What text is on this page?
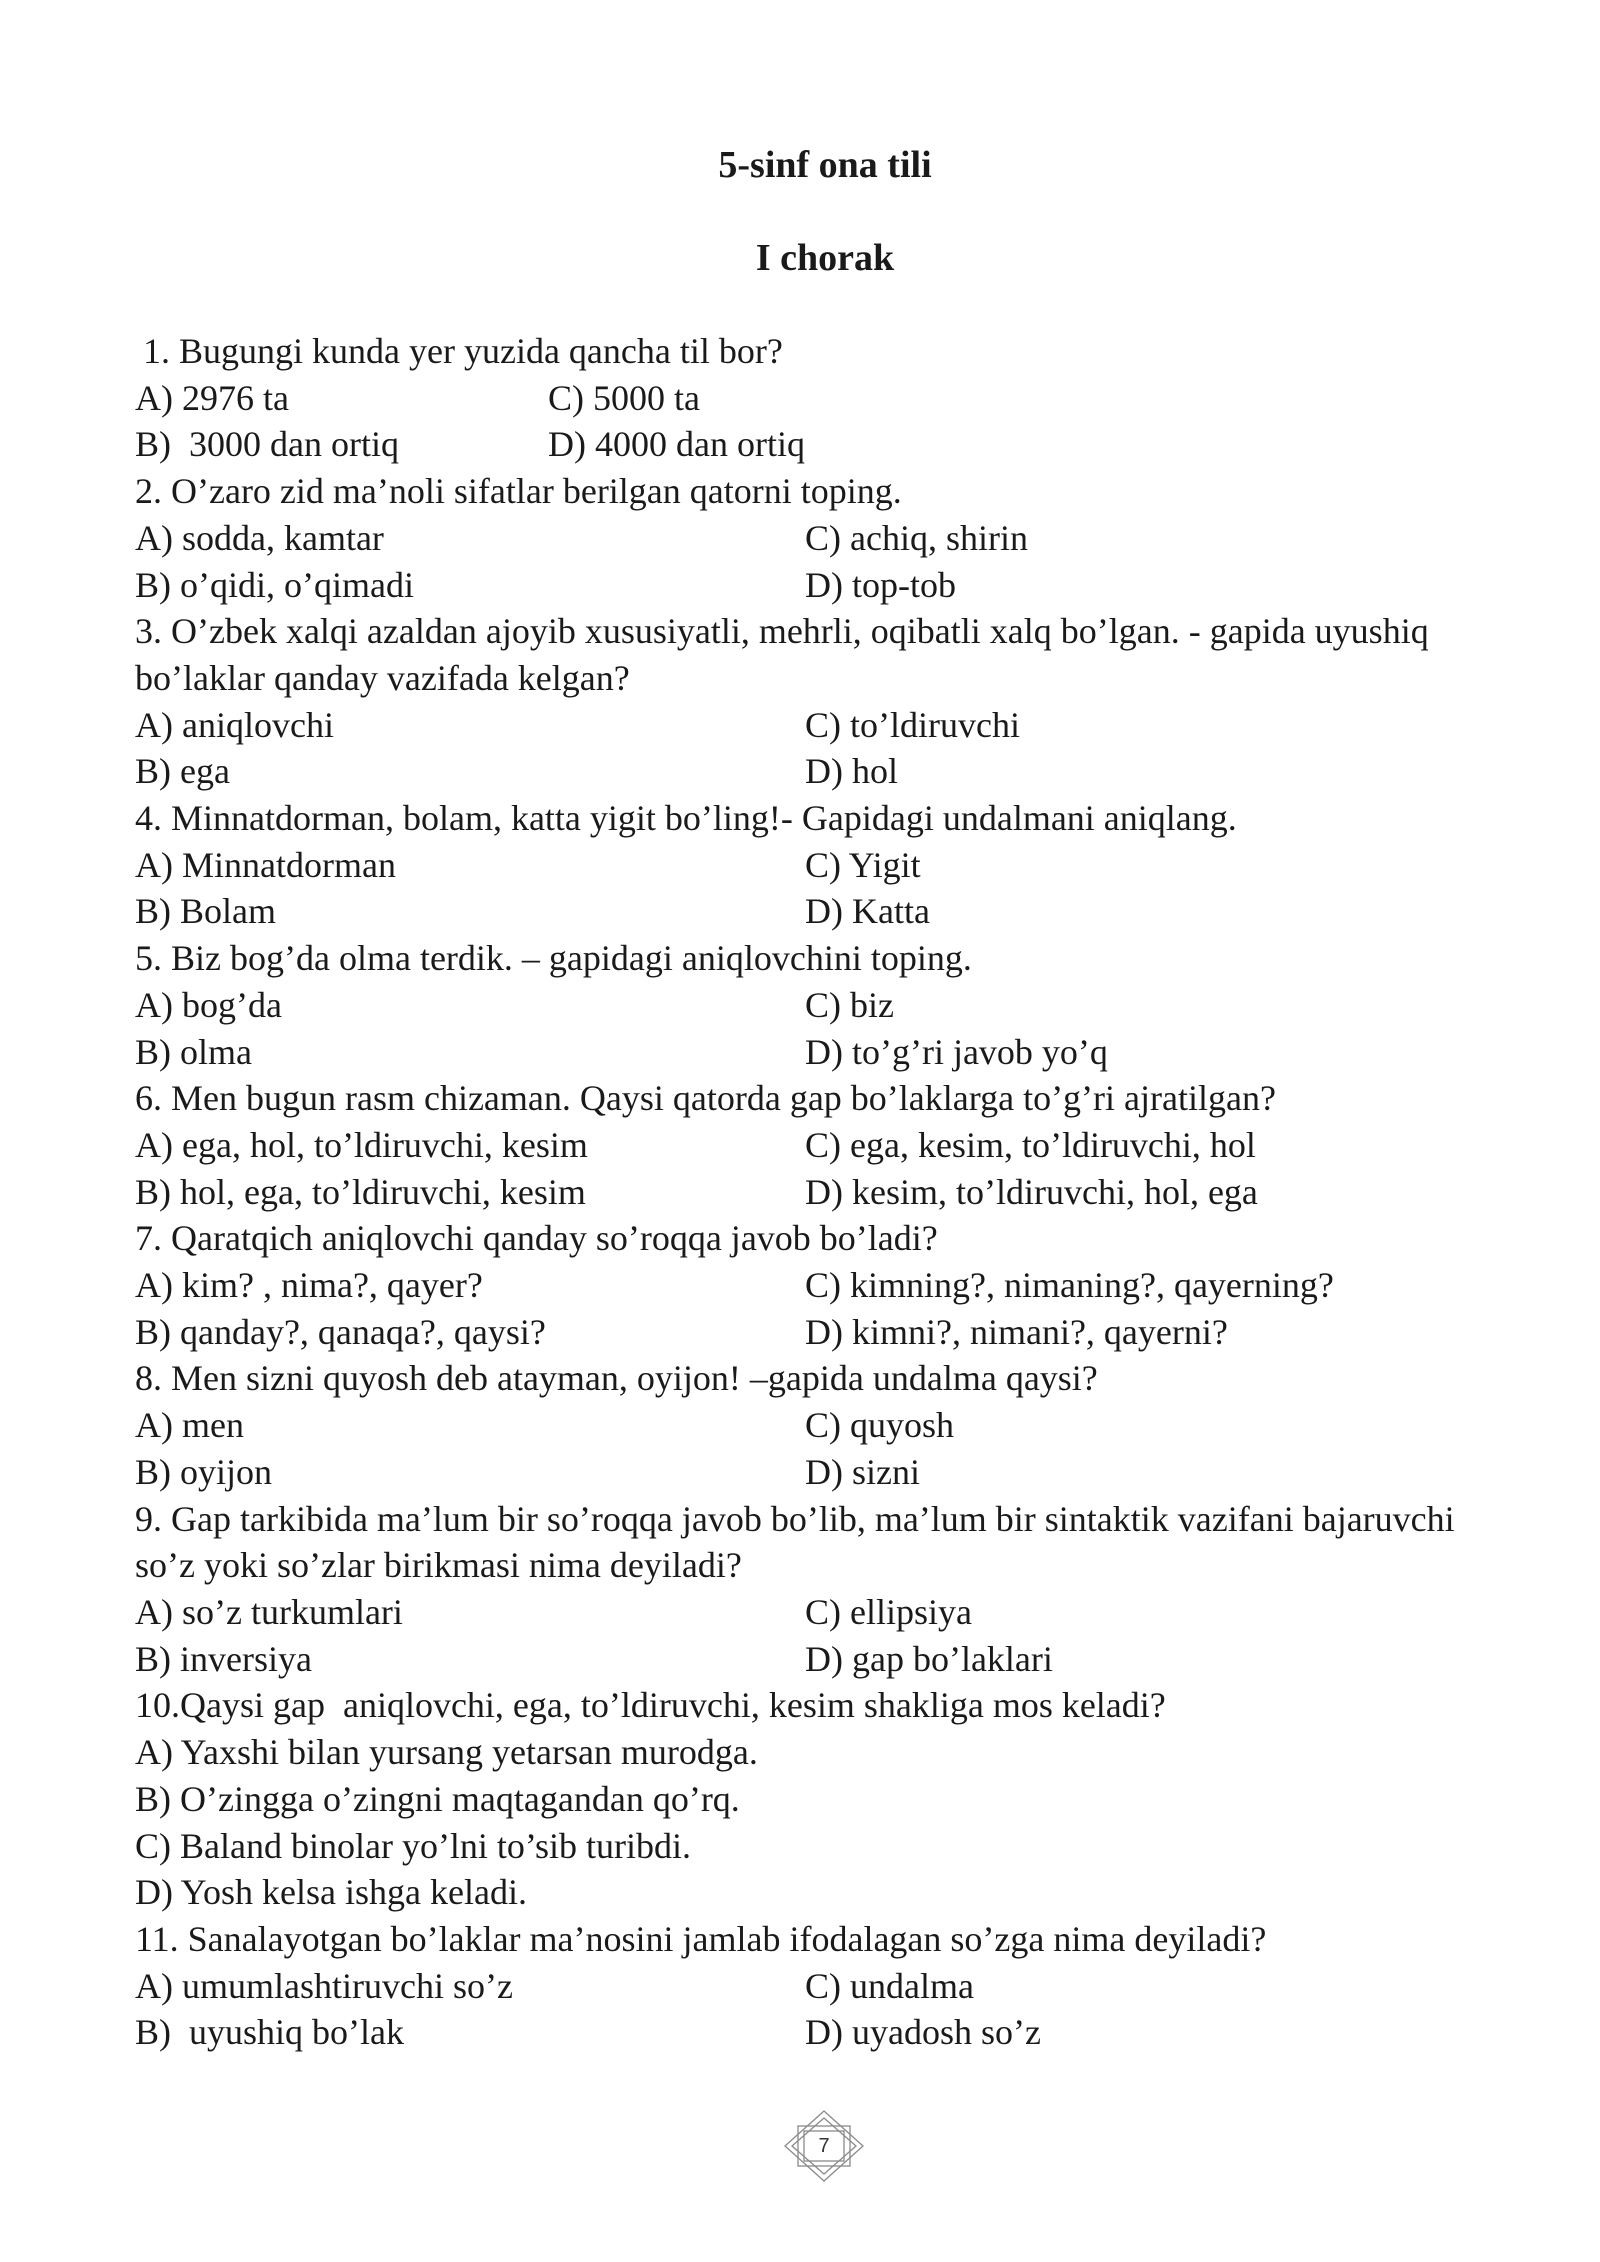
5-sinf ona tili
I chorak
1. Bugungi kunda yer yuzida qancha til bor?
A) 2976 ta	C) 5000 ta
B)  3000 dan ortiq	D) 4000 dan ortiq
2. O’zaro zid ma’noli sifatlar berilgan qatorni toping.
A) sodda, kamtar	C) achiq, shirin
B) o’qidi, o’qimadi	D) top-tob
3. O’zbek xalqi azaldan ajoyib xususiyatli, mehrli, oqibatli xalq bo’lgan. - gapida uyushiq bo’laklar qanday vazifada kelgan?
A) aniqlovchi	C) to’ldiruvchi
B) ega	D) hol
4. Minnatdorman, bolam, katta yigit bo’ling!- Gapidagi undalmani aniqlang.
A) Minnatdorman	C) Yigit
B) Bolam	D) Katta
5. Biz bog’da olma terdik. – gapidagi aniqlovchini toping.
A) bog’da	C) biz
B) olma	D) to’g’ri javob yo’q
6. Men bugun rasm chizaman. Qaysi qatorda gap bo’laklarga to’g’ri ajratilgan?
A) ega, hol, to’ldiruvchi, kesim	C) ega, kesim, to’ldiruvchi, hol
B) hol, ega, to’ldiruvchi, kesim	D) kesim, to’ldiruvchi, hol, ega
7. Qaratqich aniqlovchi qanday so’roqqa javob bo’ladi?
A) kim? , nima?, qayer?	C) kimning?, nimaning?, qayerning?
B) qanday?, qanaqa?, qaysi?	D) kimni?, nimani?, qayerni?
8. Men sizni quyosh deb atayman, oyijon! –gapida undalma qaysi?
A) men	C) quyosh
B) oyijon	D) sizni
9. Gap tarkibida ma’lum bir so’roqqa javob bo’lib, ma’lum bir sintaktik vazifani bajaruvchi so’z yoki so’zlar birikmasi nima deyiladi?
A) so’z turkumlari	C) ellipsiya
B) inversiya	D) gap bo’laklari
10.Qaysi gap  aniqlovchi, ega, to’ldiruvchi, kesim shakliga mos keladi?
A) Yaxshi bilan yursang yetarsan murodga.
B) O’zingga o’zingni maqtagandan qo’rq.
C) Baland binolar yo’lni to’sib turibdi.
D) Yosh kelsa ishga keladi.
11. Sanalayotgan bo’laklar ma’nosini jamlab ifodalagan so’zga nima deyiladi?
A) umumlashtiruvchi so’z	C) undalma
B)  uyushiq bo’lak	D) uyadosh so’z
7
